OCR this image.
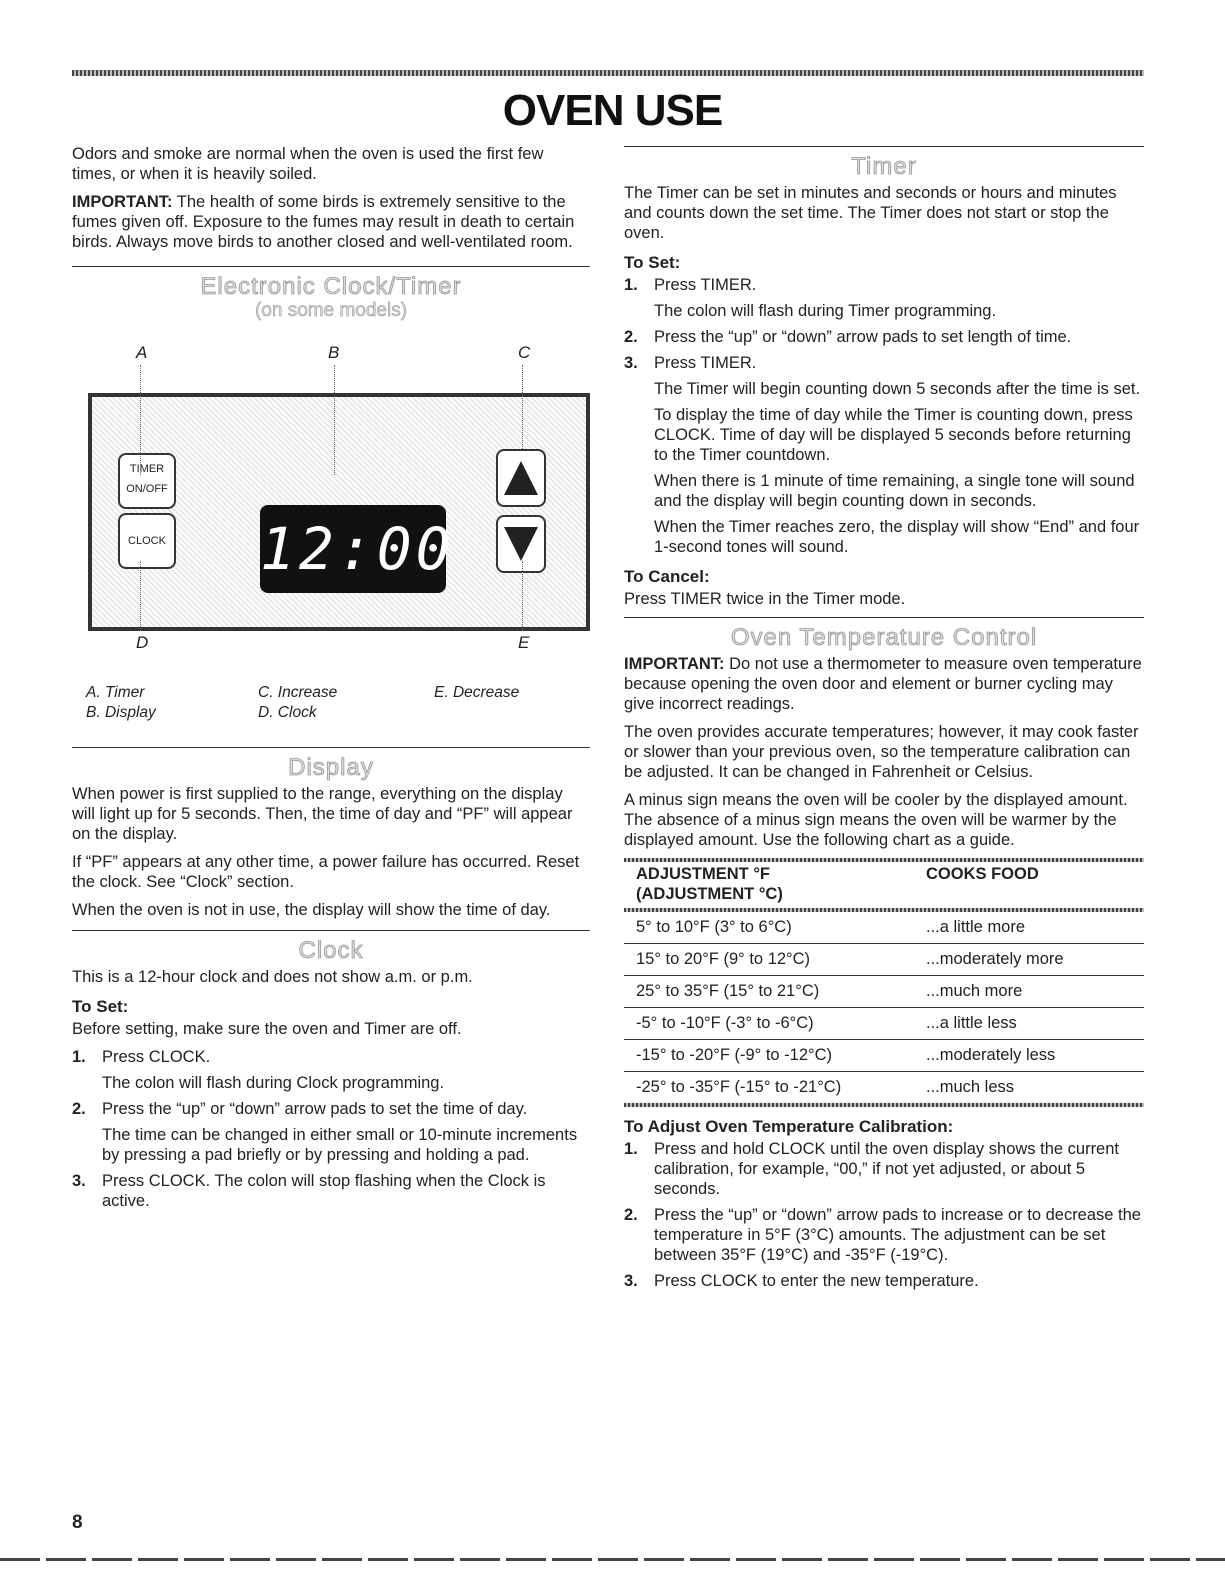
OVEN USE

Odors and smoke are normal when the oven is used the first few times, or when it is heavily soiled.

IMPORTANT: The health of some birds is extremely sensitive to the fumes given off. Exposure to the fumes may result in death to certain birds. Always move birds to another closed and well-ventilated room.

Electronic Clock/Timer
(on some models)
A	B	C
TIMER ON/OFF
CLOCK 12:00
D	E
A. Timer
B. Display
C. Increase
D. Clock
E. Decrease
Display

When power is first supplied to the range, everything on the display will light up for 5 seconds. Then, the time of day and “PF” will appear on the display.

If “PF” appears at any other time, a power failure has occurred. Reset the clock. See “Clock” section.

When the oven is not in use, the display will show the time of day.

Clock

This is a 12-hour clock and does not show a.m. or p.m.

To Set:

Before setting, make sure the oven and Timer are off.

1. Press CLOCK.
The colon will flash during Clock programming.
2. Press the “up” or “down” arrow pads to set the time of day.
The time can be changed in either small or 10-minute increments by pressing a pad briefly or by pressing and holding a pad.
3. Press CLOCK. The colon will stop flashing when the Clock is active.
Timer

The Timer can be set in minutes and seconds or hours and minutes and counts down the set time. The Timer does not start or stop the oven.

To Set:
1. Press TIMER.
The colon will flash during Timer programming.
2. Press the “up” or “down” arrow pads to set length of time.
3. Press TIMER.
The Timer will begin counting down 5 seconds after the time is set.
To display the time of day while the Timer is counting down, press CLOCK. Time of day will be displayed 5 seconds before returning to the Timer countdown.
When there is 1 minute of time remaining, a single tone will sound and the display will begin counting down in seconds.
When the Timer reaches zero, the display will show “End” and four 1-second tones will sound.
To Cancel:

Press TIMER twice in the Timer mode.

Oven Temperature Control

IMPORTANT: Do not use a thermometer to measure oven temperature because opening the oven door and element or burner cycling may give incorrect readings.

The oven provides accurate temperatures; however, it may cook faster or slower than your previous oven, so the temperature calibration can be adjusted. It can be changed in Fahrenheit or Celsius.

A minus sign means the oven will be cooler by the displayed amount. The absence of a minus sign means the oven will be warmer by the displayed amount. Use the following chart as a guide.

ADJUSTMENT °F
(ADJUSTMENT °C)	COOKS FOOD

5° to 10°F (3° to 6°C)	...a little more
15° to 20°F (9° to 12°C)	...moderately more
25° to 35°F (15° to 21°C)	...much more
-5° to -10°F (-3° to -6°C)	...a little less
-15° to -20°F (-9° to -12°C)	...moderately less
-25° to -35°F (-15° to -21°C)	...much less
To Adjust Oven Temperature Calibration:
1. Press and hold CLOCK until the oven display shows the current calibration, for example, “00,” if not yet adjusted, or about 5 seconds.
2. Press the “up” or “down” arrow pads to increase or to decrease the temperature in 5°F (3°C) amounts. The adjustment can be set between 35°F (19°C) and -35°F (-19°C).
3. Press CLOCK to enter the new temperature.
8
